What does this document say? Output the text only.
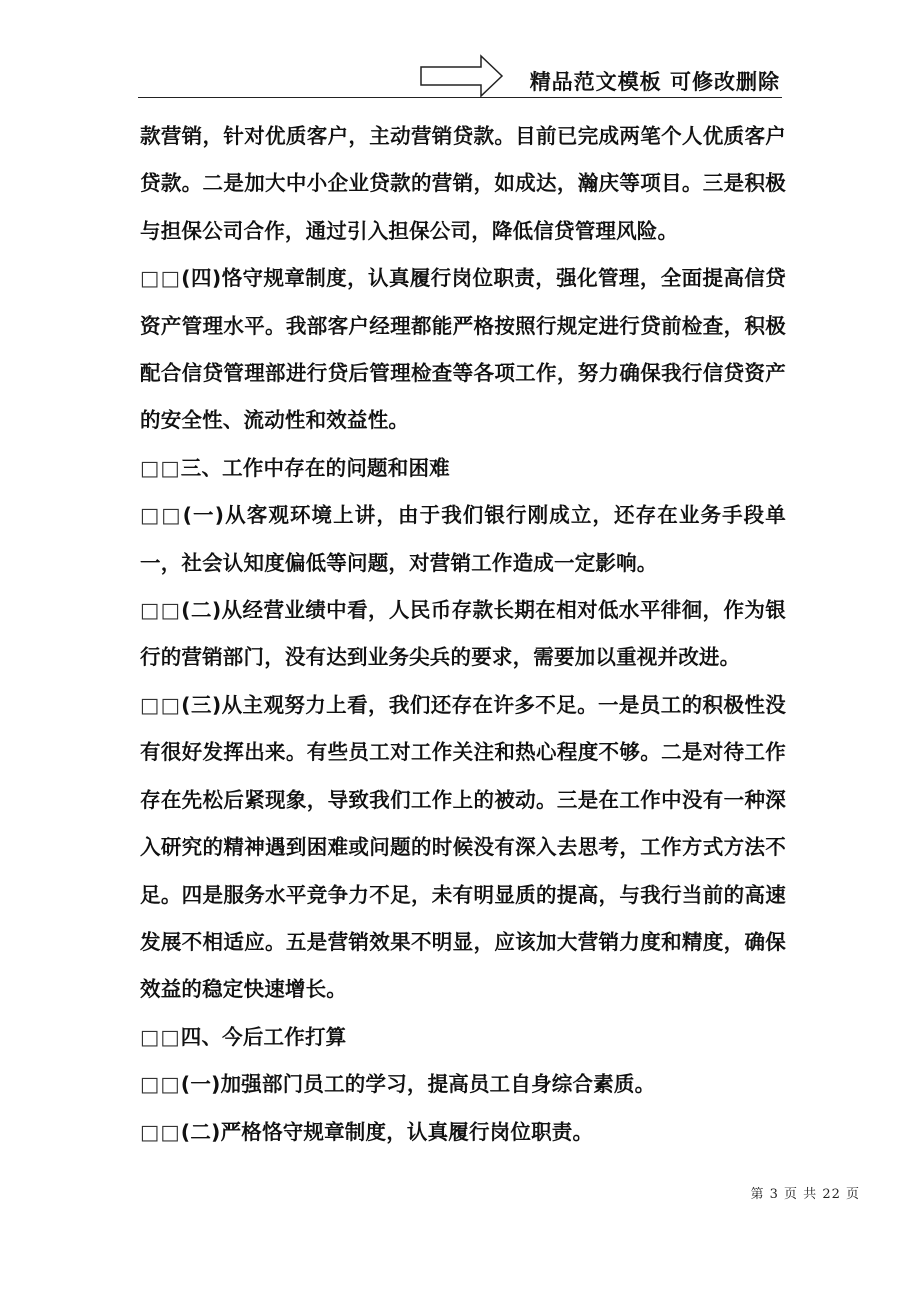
精品范文模板 可修改删除

款营销，针对优质客户，主动营销贷款。目前已完成两笔个人优质客户贷款。二是加大中小企业贷款的营销，如成达，瀚庆等项目。三是积极与担保公司合作，通过引入担保公司，降低信贷管理风险。

□□ (四)恪守规章制度，认真履行岗位职责，强化管理，全面提高信贷资产管理水平。我部客户经理都能严格按照行规定进行贷前检查，积极配合信贷管理部进行贷后管理检查等各项工作，努力确保我行信贷资产的安全性、流动性和效益性。

□□ 三、工作中存在的问题和困难

□□ (一)从客观环境上讲，由于我们银行刚成立，还存在业务手段单一，社会认知度偏低等问题，对营销工作造成一定影响。

□□ (二)从经营业绩中看，人民币存款长期在相对低水平徘徊，作为银行的营销部门，没有达到业务尖兵的要求，需要加以重视并改进。

□□ (三)从主观努力上看，我们还存在许多不足。一是员工的积极性没有很好发挥出来。有些员工对工作关注和热心程度不够。二是对待工作存在先松后紧现象，导致我们工作上的被动。三是在工作中没有一种深入研究的精神遇到困难或问题的时候没有深入去思考，工作方式方法不足。四是服务水平竞争力不足，未有明显质的提高，与我行当前的高速发展不相适应。五是营销效果不明显，应该加大营销力度和精度，确保效益的稳定快速增长。

□□ 四、今后工作打算

□□ (一)加强部门员工的学习，提高员工自身综合素质。

□□ (二)严格恪守规章制度，认真履行岗位职责。

第 3 页 共 22 页
